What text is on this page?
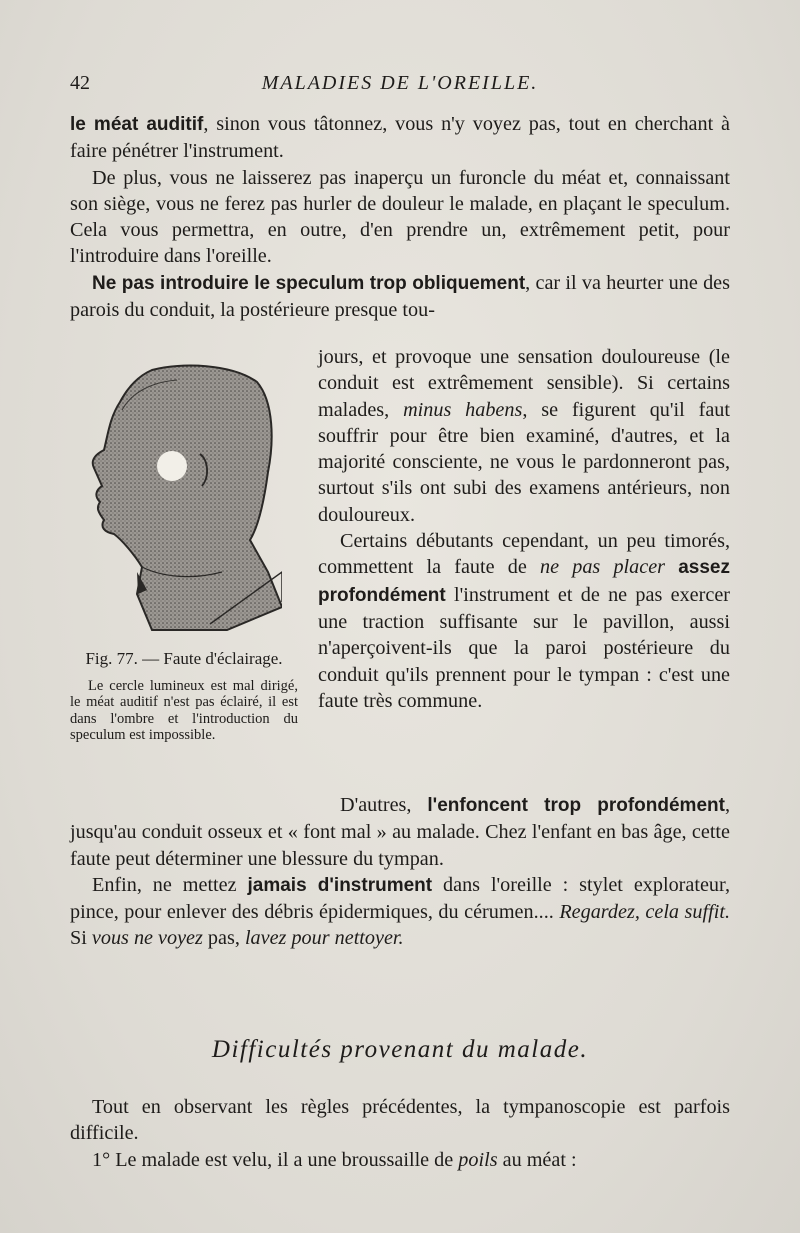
42	MALADIES DE L'OREILLE.

le méat auditif, sinon vous tâtonnez, vous n'y voyez pas, tout en cherchant à faire pénétrer l'instrument.

De plus, vous ne laisserez pas inaperçu un furoncle du méat et, connaissant son siège, vous ne ferez pas hurler de douleur le malade, en plaçant le speculum. Cela vous permettra, en outre, d'en prendre un, extrêmement petit, pour l'introduire dans l'oreille.

Ne pas introduire le speculum trop obliquement, car il va heurter une des parois du conduit, la postérieure presque tou-

Fig. 77. — Faute d'éclairage.
Le cercle lumineux est mal dirigé, le méat auditif n'est pas éclairé, il est dans l'ombre et l'introduction du speculum est impossible.

jours, et provoque une sensation douloureuse (le conduit est extrêmement sensible). Si certains malades, minus habens, se figurent qu'il faut souffrir pour être bien examiné, d'autres, et la majorité consciente, ne vous le pardonneront pas, surtout s'ils ont subi des examens antérieurs, non douloureux.

Certains débutants cependant, un peu timorés, commettent la faute de ne pas placer assez profondément l'instrument et de ne pas exercer une traction suffisante sur le pavillon, aussi n'aperçoivent-ils que la paroi postérieure du conduit qu'ils prennent pour le tympan : c'est une faute très commune.

D'autres, l'enfoncent trop profondément, jusqu'au conduit osseux et « font mal » au malade. Chez l'enfant en bas âge, cette faute peut déterminer une blessure du tympan.

Enfin, ne mettez jamais d'instrument dans l'oreille : stylet explorateur, pince, pour enlever des débris épidermiques, du cérumen.... Regardez, cela suffit. Si vous ne voyez pas, lavez pour nettoyer.

Difficultés provenant du malade.

Tout en observant les règles précédentes, la tympanoscopie est parfois difficile.

1° Le malade est velu, il a une broussaille de poils au méat :
